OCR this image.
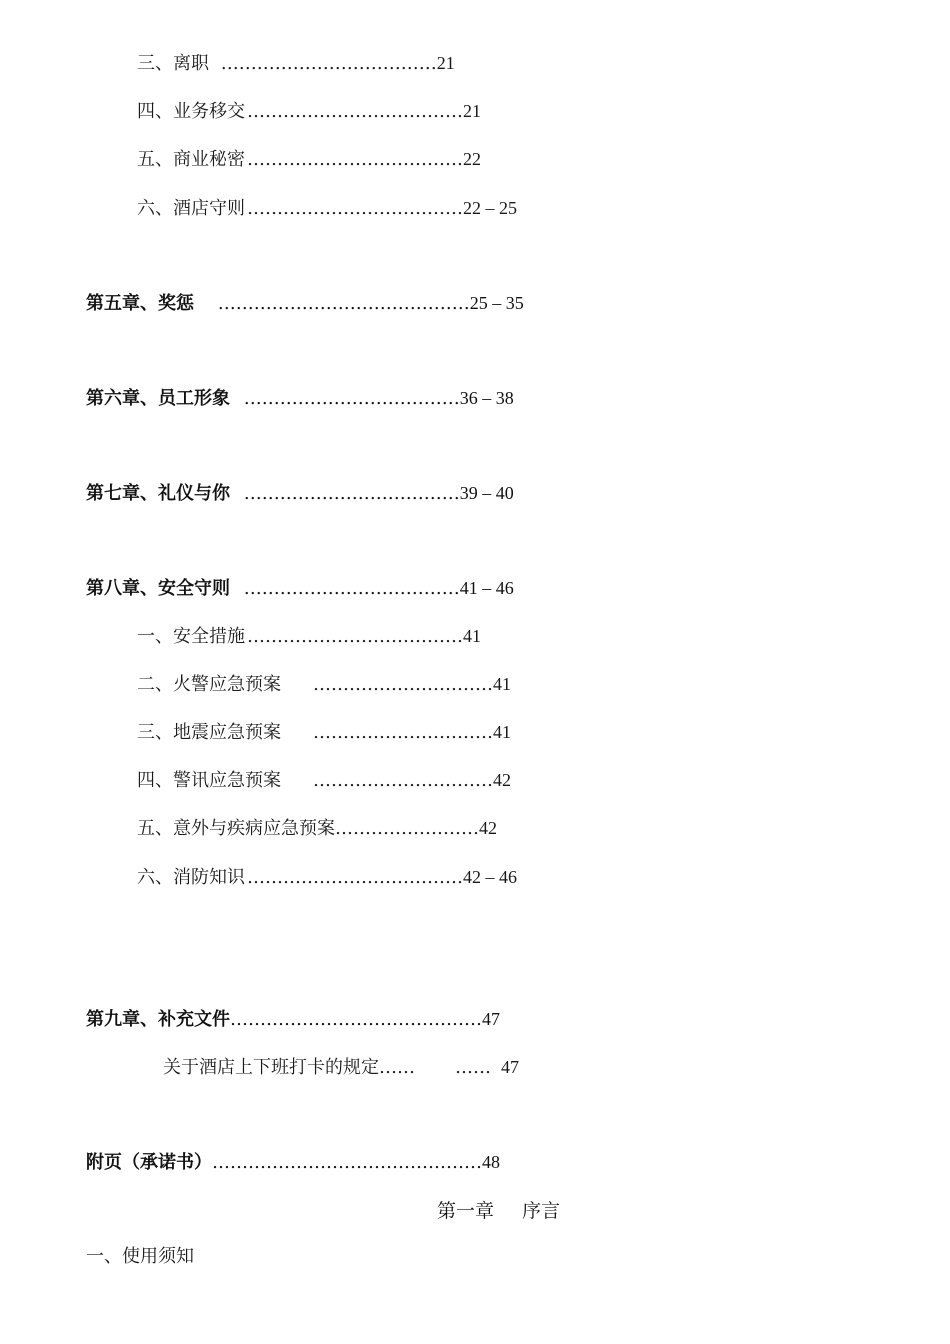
三、离职 ………………………………21
四、业务移交 ………………………………21
五、商业秘密 ………………………………22
六、酒店守则 ………………………………22 – 25
第五章、奖惩 ……………………………………25 – 35
第六章、员工形象 ………………………………36 – 38
第七章、礼仪与你 ………………………………39 – 40
第八章、安全守则 ………………………………41 – 46
一、安全措施 ………………………………41
二、火警应急预案 …………………………41
三、地震应急预案 …………………………41
四、警讯应急预案 …………………………42
五、意外与疾病应急预案……………………42
六、消防知识 ………………………………42 – 46
第九章、补充文件……………………………………47
关于酒店上下班打卡的规定…… …… 47
附页（承诺书）………………………………………48
第一章 序言
一、使用须知
